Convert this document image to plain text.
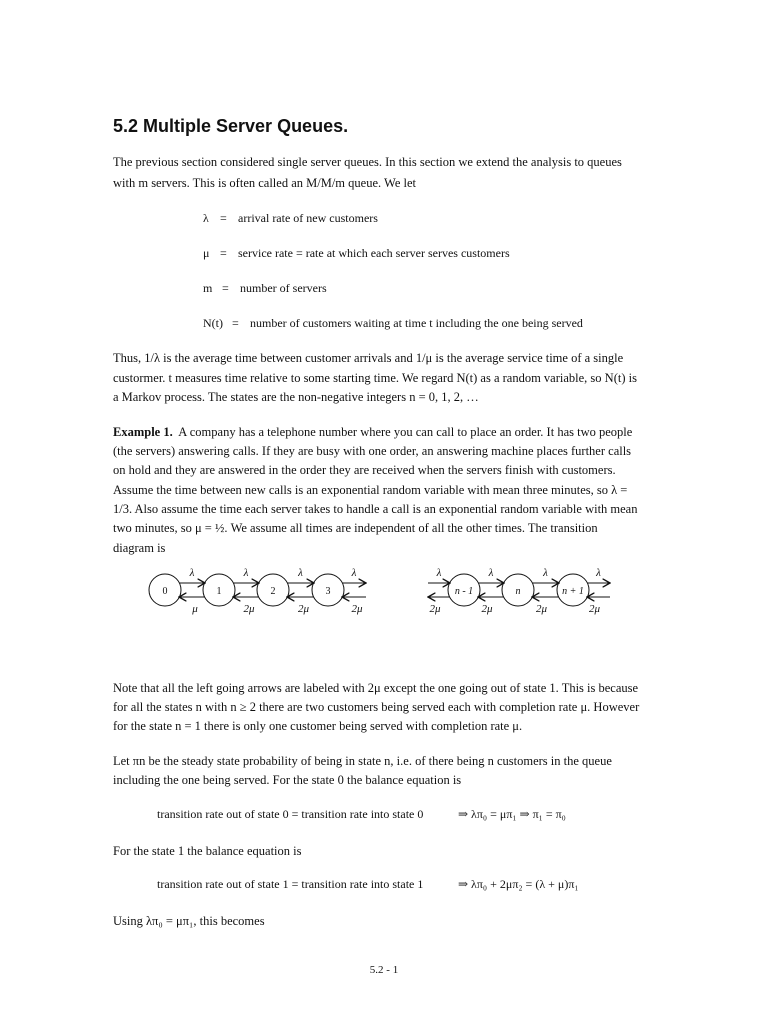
5.2 Multiple Server Queues.
The previous section considered single server queues. In this section we extend the analysis to queues
with m servers. This is often called an M/M/m queue. We let
λ = arrival rate of new customers
μ = service rate = rate at which each server serves customers
m = number of servers
N(t) = number of customers waiting at time t including the one being served
Thus, 1/λ is the average time between customer arrivals and 1/μ is the average service time of a single
custormer. t measures time relative to some starting time. We regard N(t) as a random variable, so N(t) is
a Markov process. The states are the non-negative integers n = 0, 1, 2, …
Example 1. A company has a telephone number where you can call to place an order. It has two people
(the servers) answering calls. If they are busy with one order, an answering machine places further calls
on hold and they are answered in the order they are received when the servers finish with customers.
Assume the time between new calls is an exponential random variable with mean three minutes, so λ =
1/3. Also assume the time each server takes to handle a call is an exponential random variable with mean
two minutes, so μ = ½. We assume all times are independent of all the other times. The transition
diagram is
0	1	2	3
λ
μ
λ
2μ
λ
2μ
λ
2μ
n - 1	n	n + 1
λ
2μ
λ
2μ
λ
2μ
λ
2μ
Note that all the left going arrows are labeled with 2μ except the one going out of state 1. This is because
for all the states n with n ≥ 2 there are two customers being served each with completion rate μ. However
for the state n = 1 there is only one customer being served with completion rate μ.
Let πn be the steady state probability of being in state n, i.e. of there being n customers in the queue
including the one being served. For the state 0 the balance equation is
transition rate out of state 0 = transition rate into state 0	⇒ λπ₀ = μπ₁ ⇒ π₁ = π₀
For the state 1 the balance equation is
transition rate out of state 1 = transition rate into state 1	⇒ λπ₀ + 2μπ₂ = (λ + μ)π₁
Using λπ₀ = μπ₁, this becomes
5.2 - 1
